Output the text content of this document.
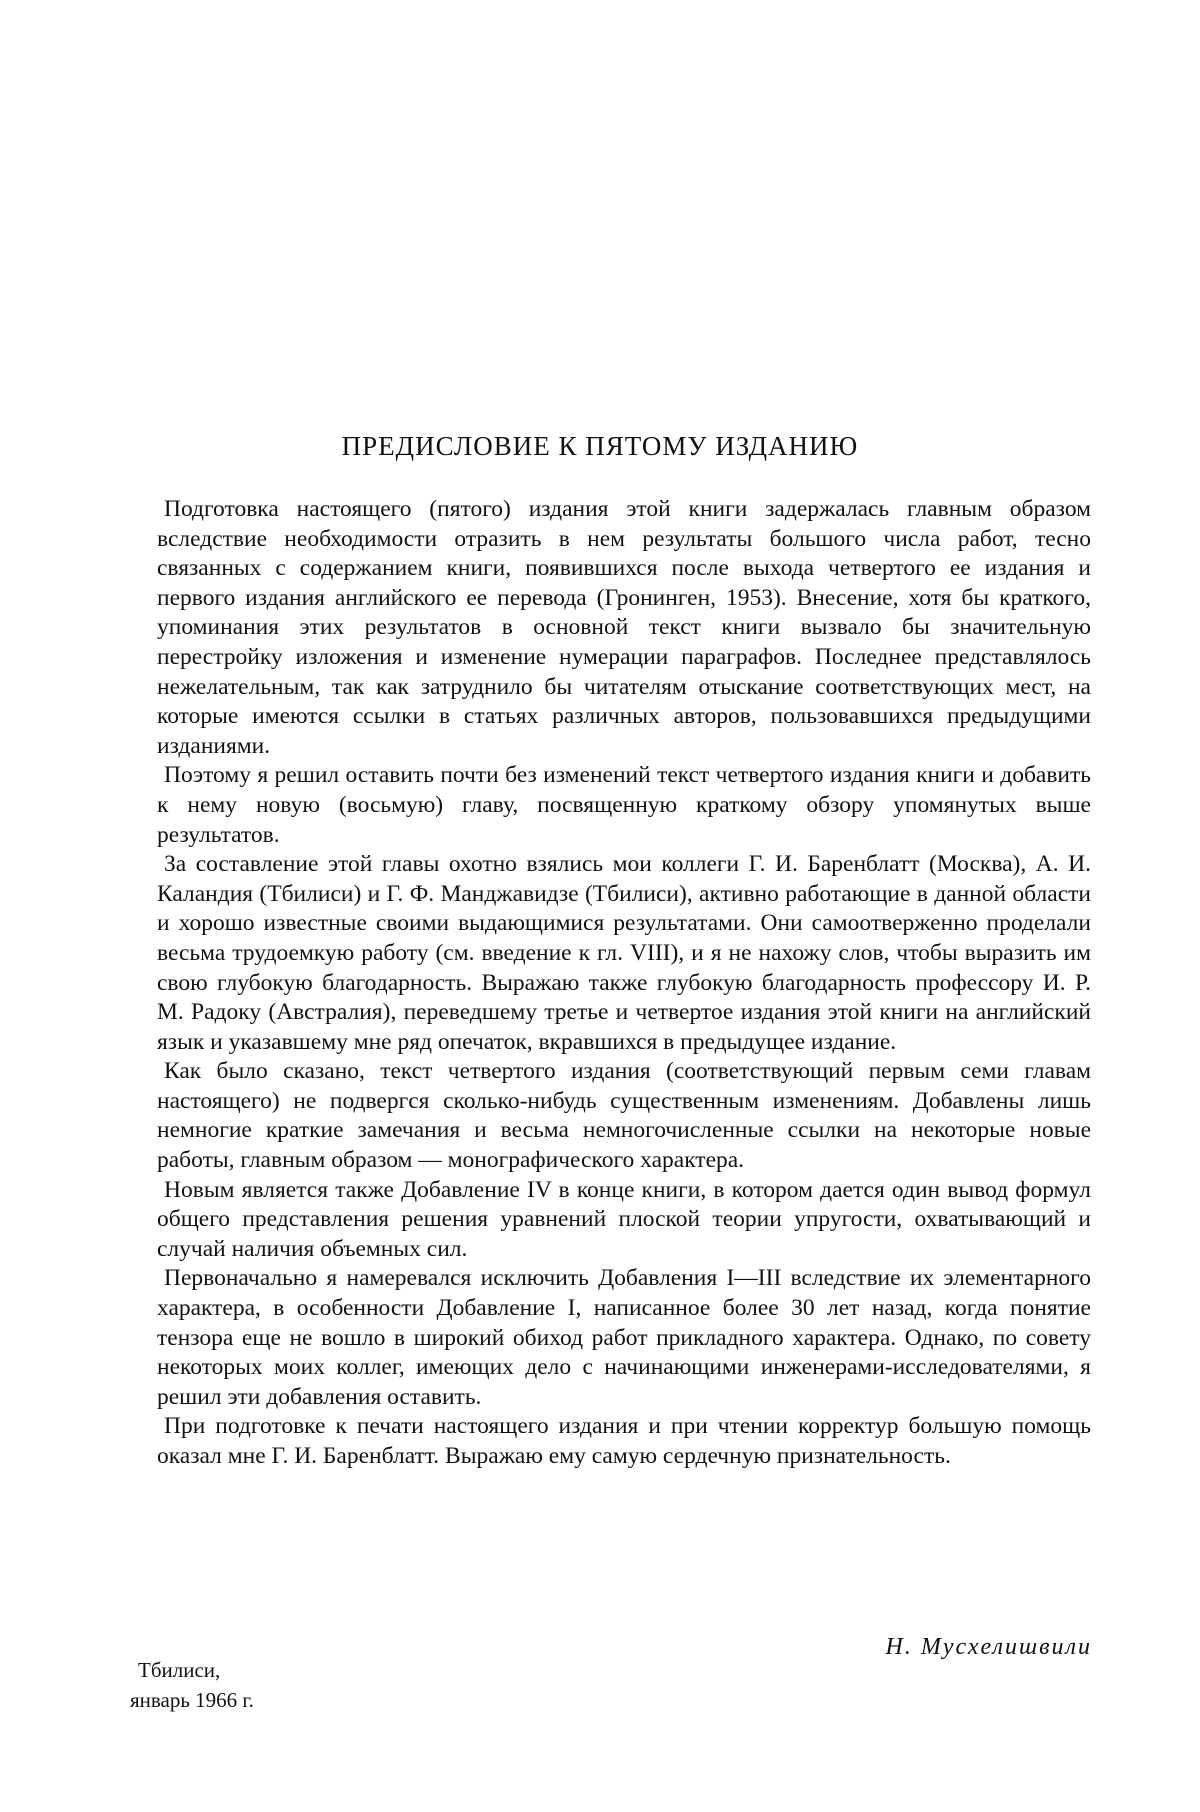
ПРЕДИСЛОВИЕ К ПЯТОМУ ИЗДАНИЮ

Подготовка настоящего (пятого) издания этой книги задержалась главным образом вследствие необходимости отразить в нем результаты большого числа работ, тесно связанных с содержанием книги, появившихся после выхода четвертого ее издания и первого издания английского ее перевода (Гронинген, 1953). Внесение, хотя бы краткого, упоминания этих результатов в основной текст книги вызвало бы значительную перестройку изложения и изменение нумерации параграфов. Последнее представлялось нежелательным, так как затруднило бы читателям отыскание соответствующих мест, на которые имеются ссылки в статьях различных авторов, пользовавшихся предыдущими изданиями.

Поэтому я решил оставить почти без изменений текст четвертого издания книги и добавить к нему новую (восьмую) главу, посвященную краткому обзору упомянутых выше результатов.

За составление этой главы охотно взялись мои коллеги Г. И. Баренблатт (Москва), А. И. Каландия (Тбилиси) и Г. Ф. Манджавидзе (Тбилиси), активно работающие в данной области и хорошо известные своими выдающимися результатами. Они самоотверженно проделали весьма трудоемкую работу (см. введение к гл. VIII), и я не нахожу слов, чтобы выразить им свою глубокую благодарность. Выражаю также глубокую благодарность профессору И. Р. М. Радоку (Австралия), переведшему третье и четвертое издания этой книги на английский язык и указавшему мне ряд опечаток, вкравшихся в предыдущее издание.

Как было сказано, текст четвертого издания (соответствующий первым семи главам настоящего) не подвергся сколько-нибудь существенным изменениям. Добавлены лишь немногие краткие замечания и весьма немногочисленные ссылки на некоторые новые работы, главным образом — монографического характера.

Новым является также Добавление IV в конце книги, в котором дается один вывод формул общего представления решения уравнений плоской теории упругости, охватывающий и случай наличия объемных сил.

Первоначально я намеревался исключить Добавления I—III вследствие их элементарного характера, в особенности Добавление I, написанное более 30 лет назад, когда понятие тензора еще не вошло в широкий обиход работ прикладного характера. Однако, по совету некоторых моих коллег, имеющих дело с начинающими инженерами-исследователями, я решил эти добавления оставить.

При подготовке к печати настоящего издания и при чтении корректур большую помощь оказал мне Г. И. Баренблатт. Выражаю ему самую сердечную признательность.

Н. Мусхелишвили
Тбилиси,
январь 1966 г.
